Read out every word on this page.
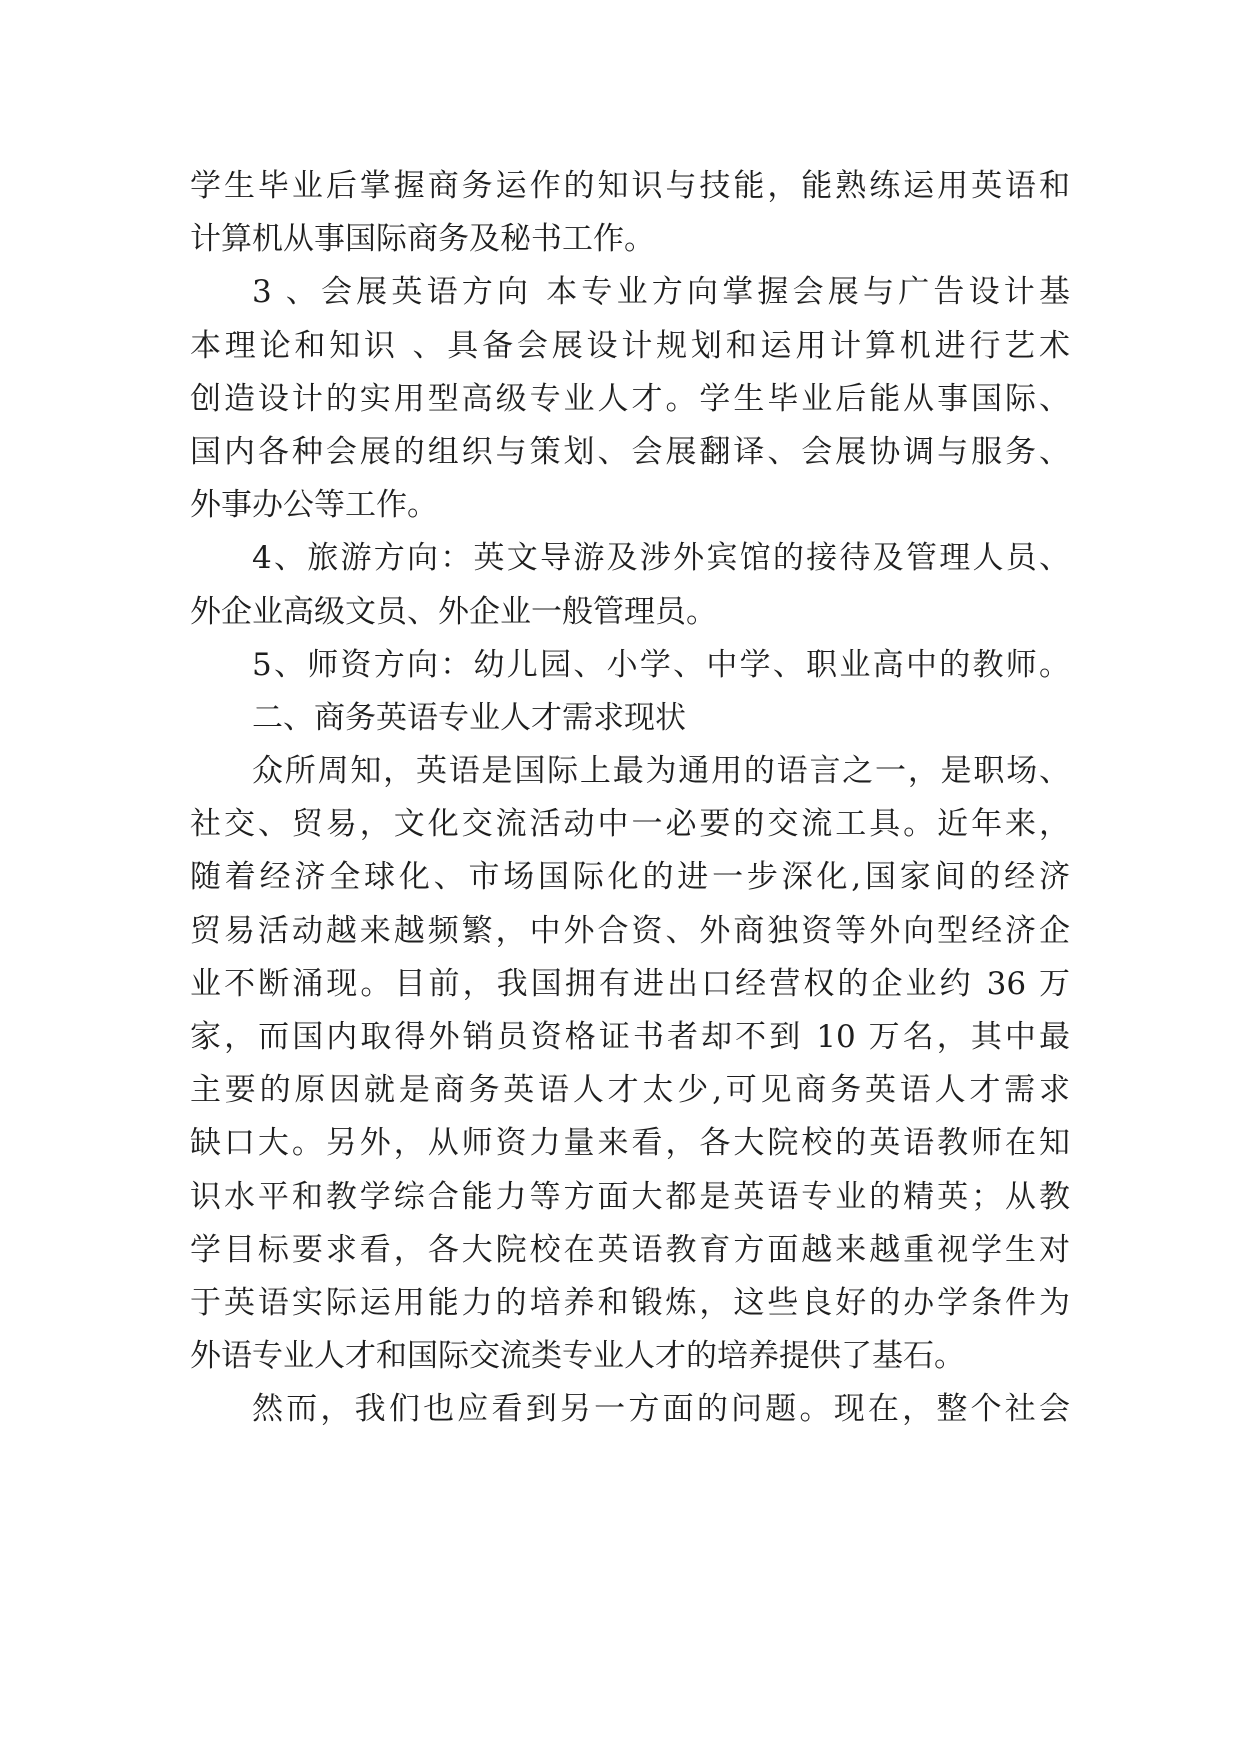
学生毕业后掌握商务运作的知识与技能，能熟练运用英语和
计算机从事国际商务及秘书工作。
3 、会展英语方向 本专业方向掌握会展与广告设计基
本理论和知识 、具备会展设计规划和运用计算机进行艺术
创造设计的实用型高级专业人才。学生毕业后能从事国际、
国内各种会展的组织与策划、会展翻译、会展协调与服务、
外事办公等工作。
4、旅游方向：英文导游及涉外宾馆的接待及管理人员、
外企业高级文员、外企业一般管理员。
5、师资方向：幼儿园、小学、中学、职业高中的教师。
二、商务英语专业人才需求现状
众所周知，英语是国际上最为通用的语言之一，是职场、
社交、贸易，文化交流活动中一必要的交流工具。近年来，
随着经济全球化、市场国际化的进一步深化,国家间的经济
贸易活动越来越频繁，中外合资、外商独资等外向型经济企
业不断涌现。目前，我国拥有进出口经营权的企业约 36 万
家，而国内取得外销员资格证书者却不到 10 万名，其中最
主要的原因就是商务英语人才太少,可见商务英语人才需求
缺口大。另外，从师资力量来看，各大院校的英语教师在知
识水平和教学综合能力等方面大都是英语专业的精英；从教
学目标要求看，各大院校在英语教育方面越来越重视学生对
于英语实际运用能力的培养和锻炼，这些良好的办学条件为
外语专业人才和国际交流类专业人才的培养提供了基石。
然而，我们也应看到另一方面的问题。现在，整个社会
